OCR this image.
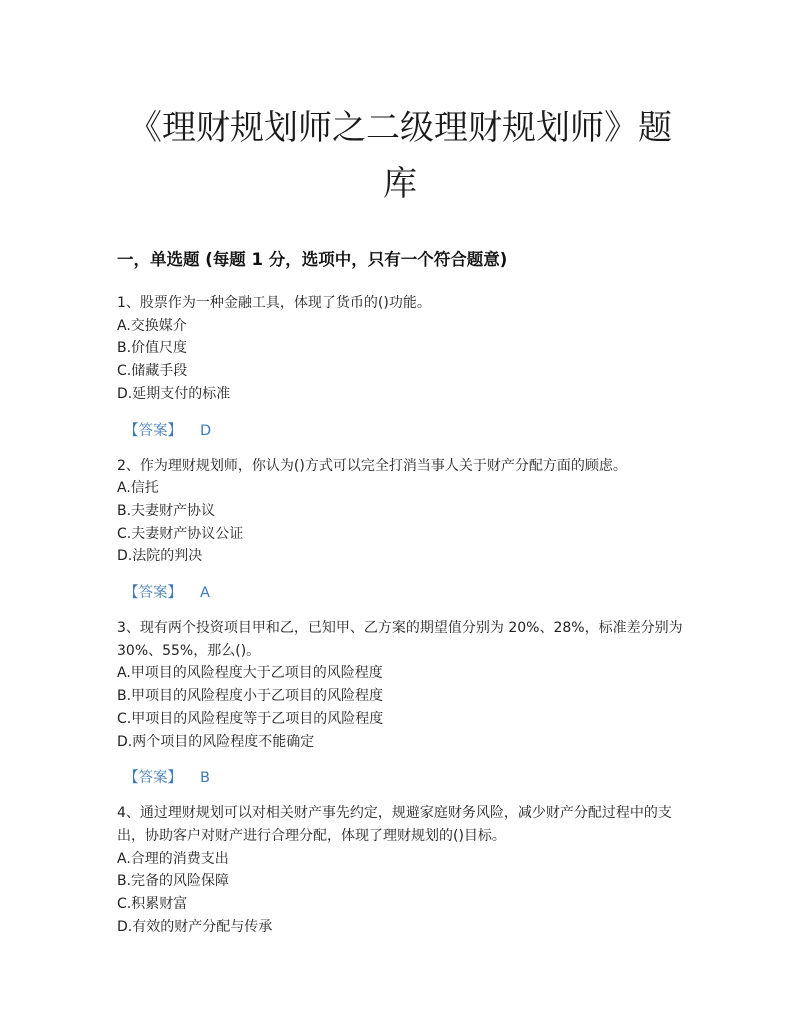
《理财规划师之二级理财规划师》题
库

一，单选题 (每题 1 分，选项中，只有一个符合题意)

1、股票作为一种金融工具，体现了货币的()功能。

A.交换媒介

B.价值尺度

C.储藏手段

D.延期支付的标准

【答案】 D

2、作为理财规划师，你认为()方式可以完全打消当事人关于财产分配方面的顾虑。

A.信托

B.夫妻财产协议

C.夫妻财产协议公证

D.法院的判决

【答案】 A

3、现有两个投资项目甲和乙，已知甲、乙方案的期望值分别为 20%、28%，标准差分别为 30%、55%，那么()。

A.甲项目的风险程度大于乙项目的风险程度

B.甲项目的风险程度小于乙项目的风险程度

C.甲项目的风险程度等于乙项目的风险程度

D.两个项目的风险程度不能确定

【答案】 B

4、通过理财规划可以对相关财产事先约定，规避家庭财务风险，减少财产分配过程中的支出，协助客户对财产进行合理分配，体现了理财规划的()目标。

A.合理的消费支出

B.完备的风险保障

C.积累财富

D.有效的财产分配与传承
